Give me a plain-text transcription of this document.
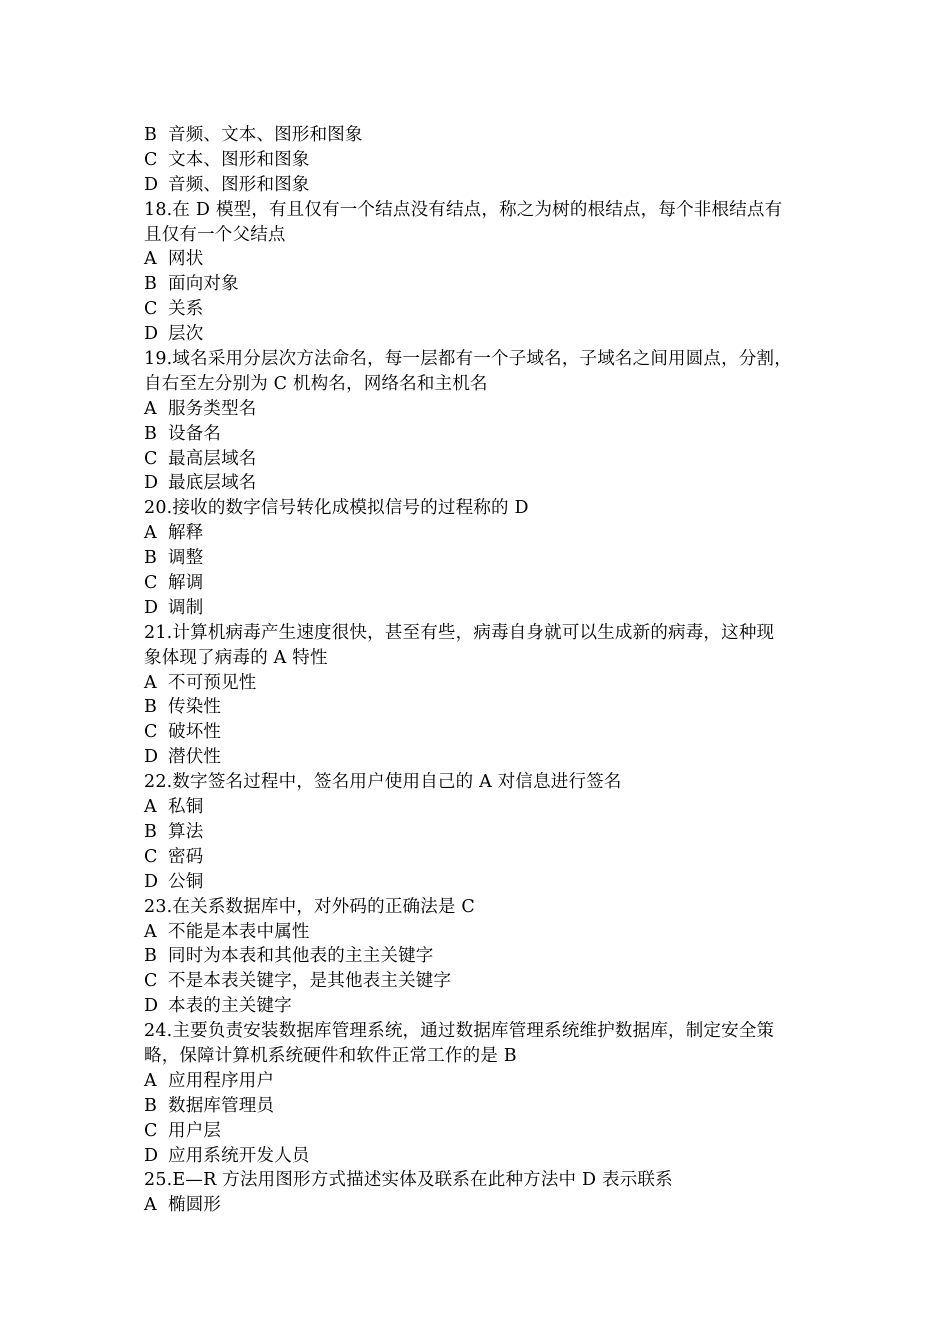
B 音频、文本、图形和图象
C 文本、图形和图象
D 音频、图形和图象
18.在 D 模型，有且仅有一个结点没有结点，称之为树的根结点，每个非根结点有
且仅有一个父结点
A 网状
B 面向对象
C 关系
D 层次
19.域名采用分层次方法命名，每一层都有一个子域名，子域名之间用圆点，分割，
自右至左分别为 C 机构名，网络名和主机名
A 服务类型名
B 设备名
C 最高层域名
D 最底层域名
20.接收的数字信号转化成模拟信号的过程称的 D
A 解释
B 调整
C 解调
D 调制
21.计算机病毒产生速度很快，甚至有些，病毒自身就可以生成新的病毒，这种现
象体现了病毒的 A 特性
A 不可预见性
B 传染性
C 破坏性
D 潜伏性
22.数字签名过程中，签名用户使用自己的 A 对信息进行签名
A 私铜
B 算法
C 密码
D 公铜
23.在关系数据库中，对外码的正确法是 C
A 不能是本表中属性
B 同时为本表和其他表的主主关键字
C 不是本表关键字，是其他表主关键字
D 本表的主关键字
24.主要负责安装数据库管理系统，通过数据库管理系统维护数据库，制定安全策
略，保障计算机系统硬件和软件正常工作的是 B
A 应用程序用户
B 数据库管理员
C 用户层
D 应用系统开发人员
25.E—R 方法用图形方式描述实体及联系在此种方法中 D 表示联系
A 椭圆形
